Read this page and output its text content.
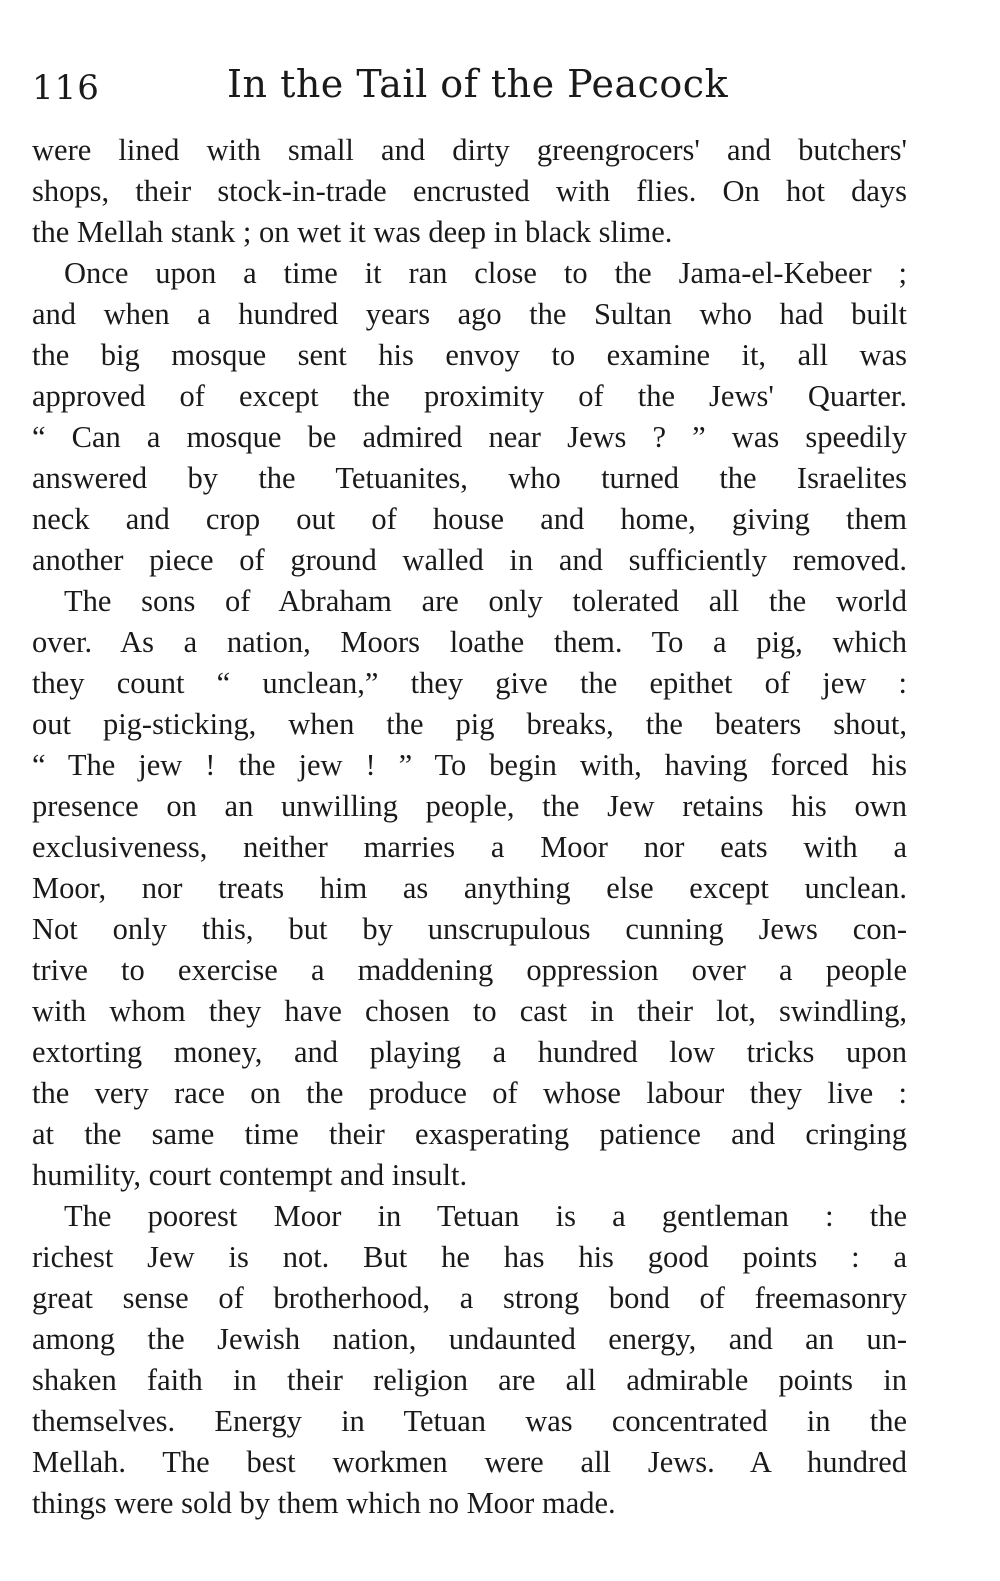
116	In the Tail of the Peacock
were lined with small and dirty greengrocers' and butchers'
shops, their stock-in-trade encrusted with flies. On hot days
the Mellah stank ; on wet it was deep in black slime.
Once upon a time it ran close to the Jama-el-Kebeer ;
and when a hundred years ago the Sultan who had built
the big mosque sent his envoy to examine it, all was
approved of except the proximity of the Jews' Quarter.
“ Can a mosque be admired near Jews ? ” was speedily
answered by the Tetuanites, who turned the Israelites
neck and crop out of house and home, giving them
another piece of ground walled in and sufficiently removed.
The sons of Abraham are only tolerated all the world
over. As a nation, Moors loathe them. To a pig, which
they count “ unclean,” they give the epithet of jew :
out pig-sticking, when the pig breaks, the beaters shout,
“ The jew ! the jew ! ” To begin with, having forced his
presence on an unwilling people, the Jew retains his own
exclusiveness, neither marries a Moor nor eats with a
Moor, nor treats him as anything else except unclean.
Not only this, but by unscrupulous cunning Jews con-
trive to exercise a maddening oppression over a people
with whom they have chosen to cast in their lot, swindling,
extorting money, and playing a hundred low tricks upon
the very race on the produce of whose labour they live :
at the same time their exasperating patience and cringing
humility, court contempt and insult.
The poorest Moor in Tetuan is a gentleman : the
richest Jew is not. But he has his good points : a
great sense of brotherhood, a strong bond of freemasonry
among the Jewish nation, undaunted energy, and an un-
shaken faith in their religion are all admirable points in
themselves. Energy in Tetuan was concentrated in the
Mellah. The best workmen were all Jews. A hundred
things were sold by them which no Moor made.
